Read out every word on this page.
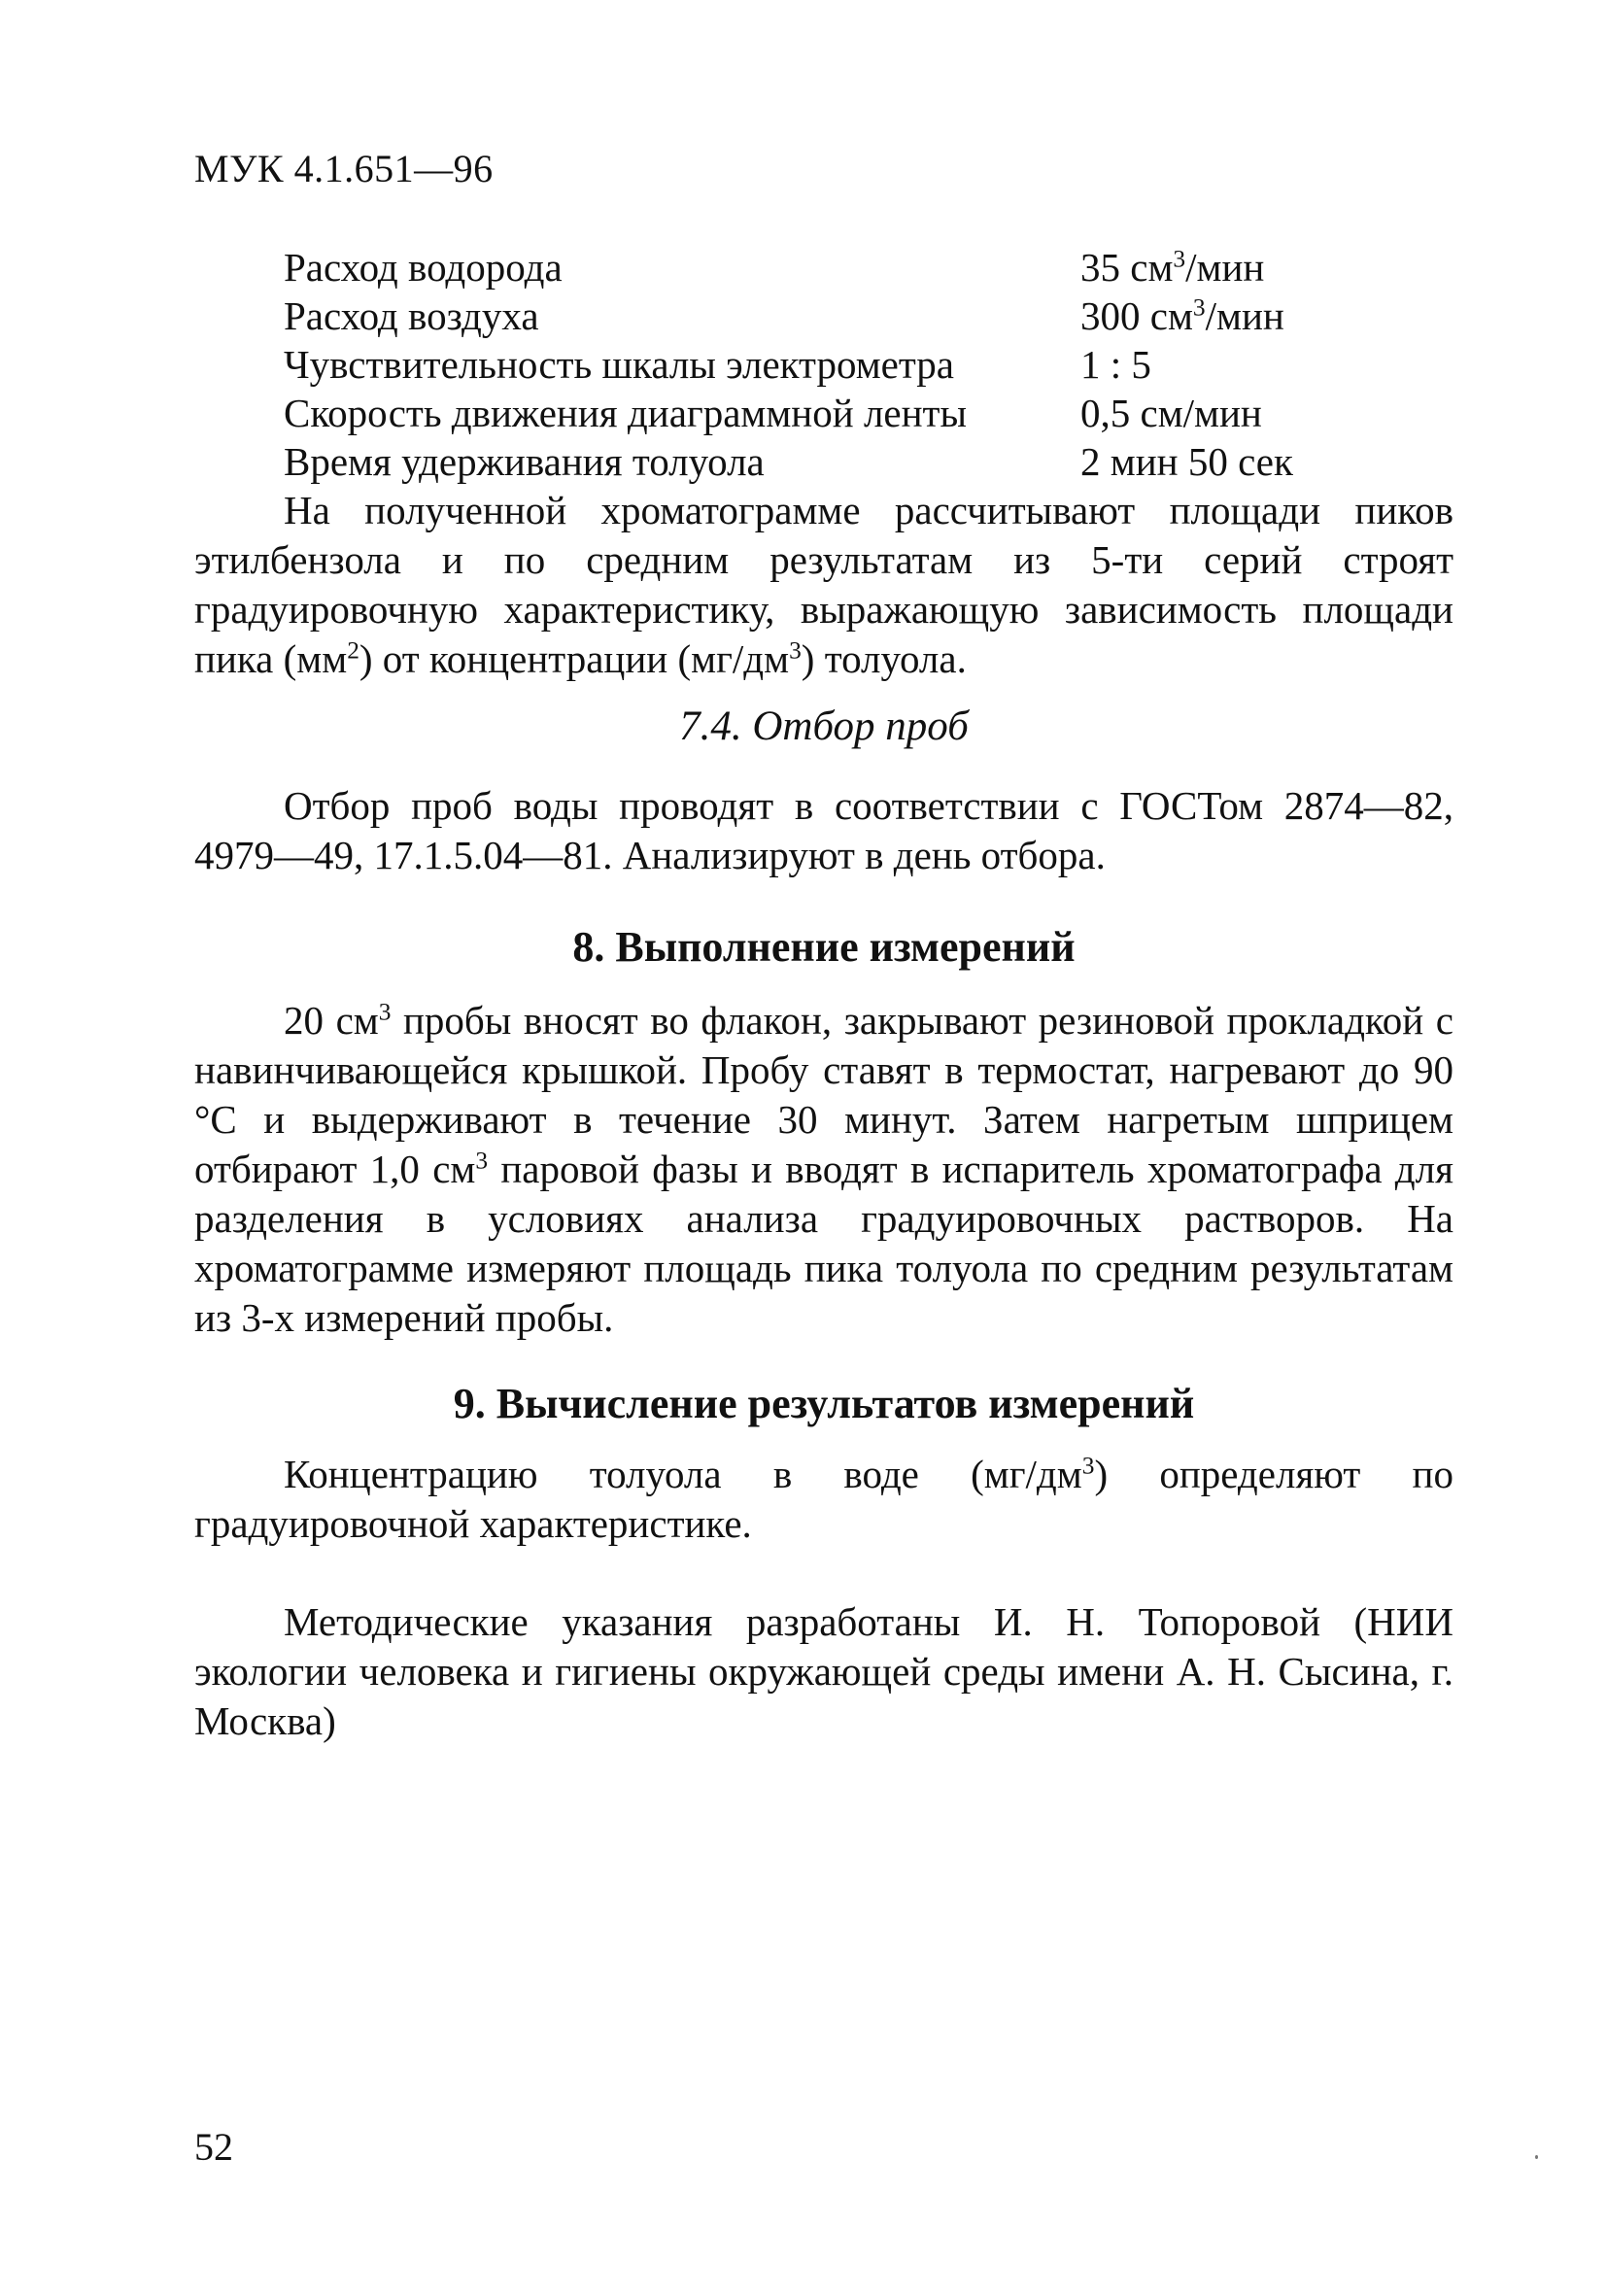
МУК 4.1.651—96
Расход водорода	35 $см^3$/мин
Расход воздуха	300 $см^3$/мин
Чувствительность шкалы электрометра	1 : 5
Скорость движения диаграммной ленты	0,5 см/мин
Время удерживания толуола	2 мин 50 сек
На полученной хроматограмме рассчитывают площади пиков этилбензола и по средним результатам из 5-ти серий строят градуировочную характеристику, выражающую зависимость площади пика $(мм^2)$ от концентрации $(мг/дм^3)$ толуола.
7.4. Отбор проб
Отбор проб воды проводят в соответствии с ГОСТом 2874—82, 4979—49, 17.1.5.04—81. Анализируют в день отбора.
8. Выполнение измерений
20 $см^3$ пробы вносят во флакон, закрывают резиновой прокладкой с навинчивающейся крышкой. Пробу ставят в термостат, нагревают до 90 °С и выдерживают в течение 30 минут. Затем нагретым шприцем отбирают 1,0 $см^3$ паровой фазы и вводят в испаритель хроматографа для разделения в условиях анализа градуировочных растворов. На хроматограмме измеряют площадь пика толуола по средним результатам из 3-х измерений пробы.
9. Вычисление результатов измерений
Концентрацию толуола в воде $(мг/дм^3)$ определяют по градуировочной характеристике.
Методические указания разработаны И. Н. Топоровой (НИИ экологии человека и гигиены окружающей среды имени А. Н. Сысина, г. Москва)
52
